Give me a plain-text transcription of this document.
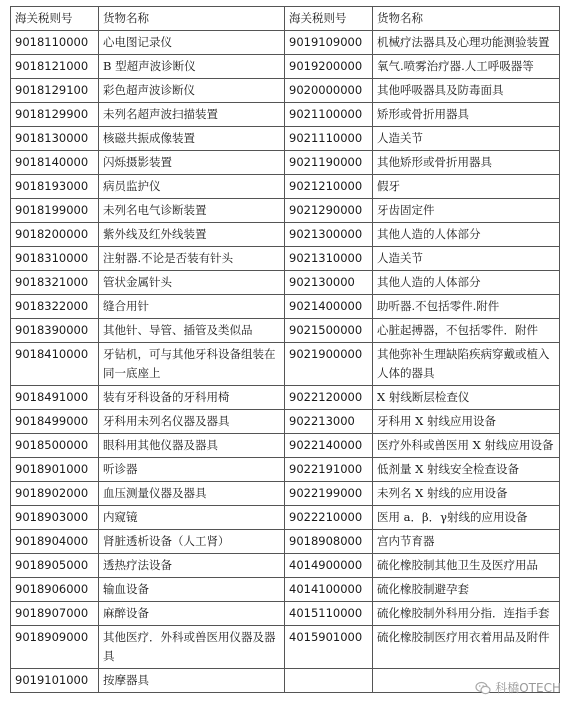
海关税则号	货物名称	海关税则号	货物名称
9018110000	心电图记录仪	9019109000	机械疗法器具及心理功能测验装置
9018121000	B 型超声波诊断仪	9019200000	氧气.喷雾治疗器.人工呼吸器等
9018129100	彩色超声波诊断仪	9020000000	其他呼吸器具及防毒面具
9018129900	未列名超声波扫描装置	9021100000	矫形或骨折用器具
9018130000	核磁共振成像装置	9021110000	人造关节
9018140000	闪烁摄影装置	9021190000	其他矫形或骨折用器具
9018193000	病员监护仪	9021210000	假牙
9018199000	未列名电气诊断装置	9021290000	牙齿固定件
9018200000	紫外线及红外线装置	9021300000	其他人造的人体部分
9018310000	注射器.不论是否装有针头	9021310000	人造关节
9018321000	管状金属针头	902130000	其他人造的人体部分
9018322000	缝合用针	9021400000	助听器.不包括零件.附件
9018390000	其他针、导管、插管及类似品	9021500000	心脏起搏器，不包括零件．附件
9018410000	牙钻机，可与其他牙科设备组装在同一底座上	9021900000	其他弥补生理缺陷疾病穿戴或植入人体的器具
9018491000	装有牙科设备的牙科用椅	9022120000	X 射线断层检查仪
9018499000	牙科用未列名仪器及器具	902213000	牙科用 X 射线应用设备
9018500000	眼科用其他仪器及器具	9022140000	医疗外科或兽医用 X 射线应用设备
9018901000	听诊器	9022191000	低剂量 X 射线安全检查设备
9018902000	血压测量仪器及器具	9022199000	未列名 X 射线的应用设备
9018903000	内窥镜	9022210000	医用 a．β．γ射线的应用设备
9018904000	肾脏透析设备（人工肾）	9018908000	宫内节育器
9018905000	透热疗法设备	4014900000	硫化橡胶制其他卫生及医疗用品
9018906000	输血设备	4014100000	硫化橡胶制避孕套
9018907000	麻醉设备	4015110000	硫化橡胶制外科用分指．连指手套
9018909000	其他医疗．外科或兽医用仪器及器具	4015901000	硫化橡胶制医疗用衣着用品及附件
9019101000	按摩器具		
科橋OTECH
